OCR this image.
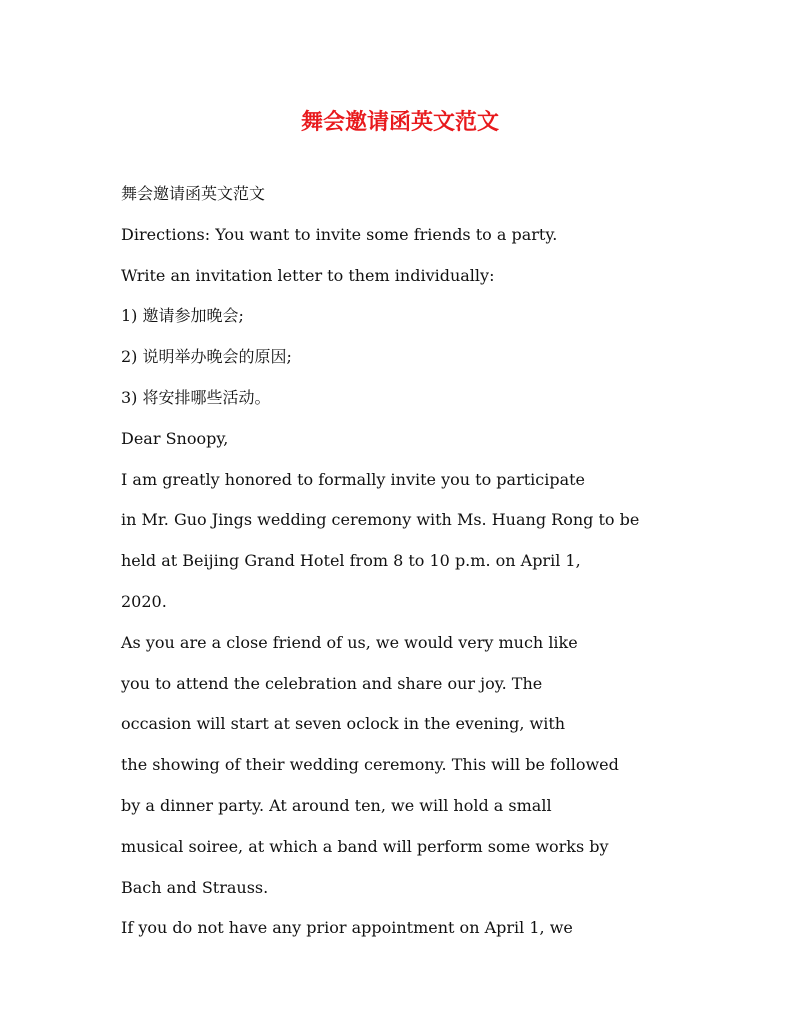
舞会邀请函英文范文
舞会邀请函英文范文
Directions: You want to invite some friends to a party.
Write an invitation letter to them individually:
1) 邀请参加晚会;
2) 说明举办晚会的原因;
3) 将安排哪些活动。
Dear Snoopy,
I am greatly honored to formally invite you to participate
in Mr. Guo Jings wedding ceremony with Ms. Huang Rong to be
held at Beijing Grand Hotel from 8 to 10 p.m. on April 1,
2020.
As you are a close friend of us, we would very much like
you to attend the celebration and share our joy. The
occasion will start at seven oclock in the evening, with
the showing of their wedding ceremony. This will be followed
by a dinner party. At around ten, we will hold a small
musical soiree, at which a band will perform some works by
Bach and Strauss.
If you do not have any prior appointment on April 1, we
